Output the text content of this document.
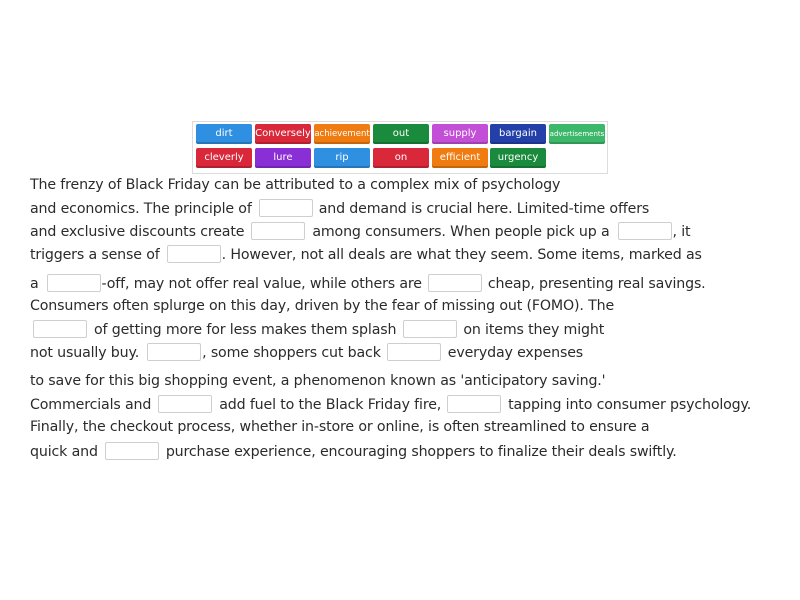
dirt	Conversely achievement	out	supply	bargain	advertisements
cleverly	lure	rip	on	efficient	urgency
The frenzy of Black Friday can be attributed to a complex mix of psychology
and economics. The principle of	and demand is crucial here. Limited-time offers
and exclusive discounts create	among consumers. When people pick up a	, it
triggers a sense of	. However, not all deals are what they seem. Some items, marked as
a	-off, may not offer real value, while others are	cheap, presenting real savings.
Consumers often splurge on this day, driven by the fear of missing out (FOMO). The
of getting more for less makes them splash	on items they might
not usually buy.	, some shoppers cut back	everyday expenses
to save for this big shopping event, a phenomenon known as 'anticipatory saving.'
Commercials and	add fuel to the Black Friday fire,	tapping into consumer psychology.
Finally, the checkout process, whether in-store or online, is often streamlined to ensure a
quick and	purchase experience, encouraging shoppers to finalize their deals swiftly.
